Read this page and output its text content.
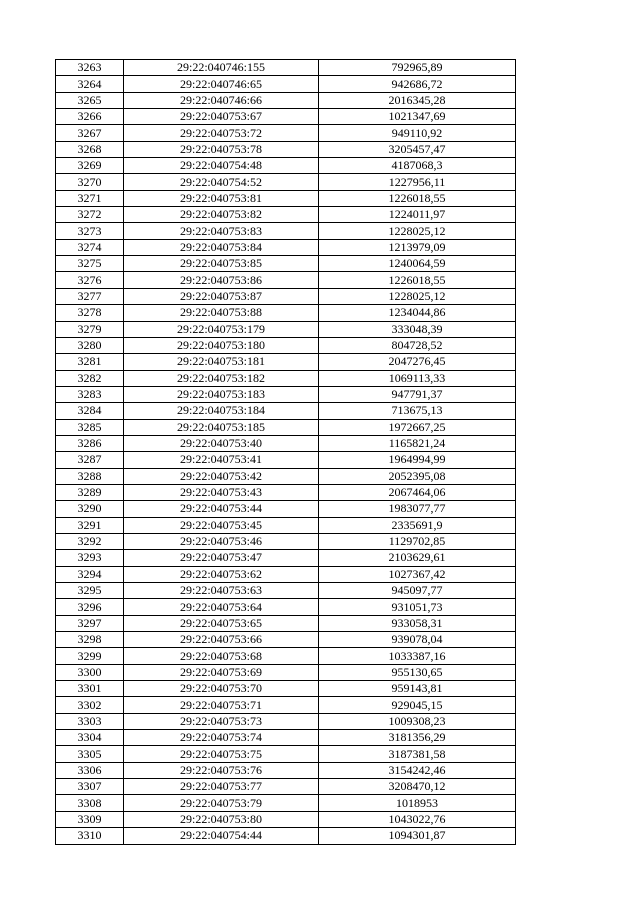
3263	29:22:040746:155	792965,89
3264	29:22:040746:65	942686,72
3265	29:22:040746:66	2016345,28
3266	29:22:040753:67	1021347,69
3267	29:22:040753:72	949110,92
3268	29:22:040753:78	3205457,47
3269	29:22:040754:48	4187068,3
3270	29:22:040754:52	1227956,11
3271	29:22:040753:81	1226018,55
3272	29:22:040753:82	1224011,97
3273	29:22:040753:83	1228025,12
3274	29:22:040753:84	1213979,09
3275	29:22:040753:85	1240064,59
3276	29:22:040753:86	1226018,55
3277	29:22:040753:87	1228025,12
3278	29:22:040753:88	1234044,86
3279	29:22:040753:179	333048,39
3280	29:22:040753:180	804728,52
3281	29:22:040753:181	2047276,45
3282	29:22:040753:182	1069113,33
3283	29:22:040753:183	947791,37
3284	29:22:040753:184	713675,13
3285	29:22:040753:185	1972667,25
3286	29:22:040753:40	1165821,24
3287	29:22:040753:41	1964994,99
3288	29:22:040753:42	2052395,08
3289	29:22:040753:43	2067464,06
3290	29:22:040753:44	1983077,77
3291	29:22:040753:45	2335691,9
3292	29:22:040753:46	1129702,85
3293	29:22:040753:47	2103629,61
3294	29:22:040753:62	1027367,42
3295	29:22:040753:63	945097,77
3296	29:22:040753:64	931051,73
3297	29:22:040753:65	933058,31
3298	29:22:040753:66	939078,04
3299	29:22:040753:68	1033387,16
3300	29:22:040753:69	955130,65
3301	29:22:040753:70	959143,81
3302	29:22:040753:71	929045,15
3303	29:22:040753:73	1009308,23
3304	29:22:040753:74	3181356,29
3305	29:22:040753:75	3187381,58
3306	29:22:040753:76	3154242,46
3307	29:22:040753:77	3208470,12
3308	29:22:040753:79	1018953
3309	29:22:040753:80	1043022,76
3310	29:22:040754:44	1094301,87
